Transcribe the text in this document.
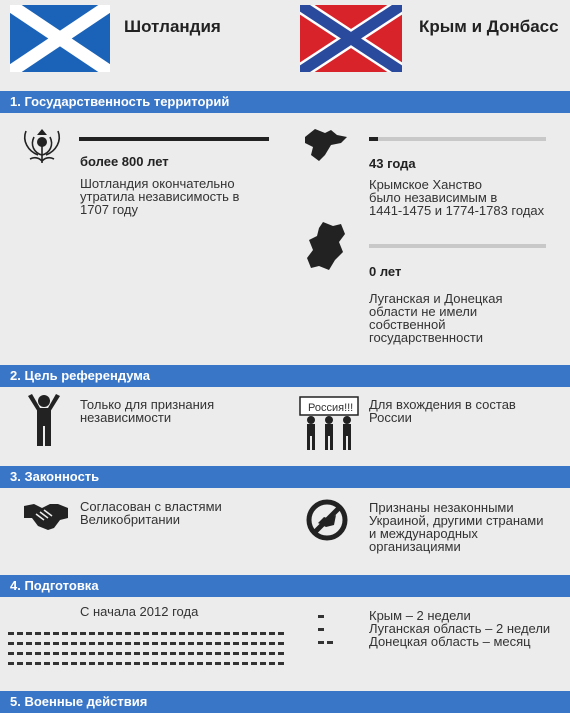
Шотландия	Крым и Донбасс
1. Государственность территорий
более 800 лет
Шотландия окончательно
утратила независимость в
1707 году
43 года
Крымское Ханство
было независимым в
1441-1475 и 1774-1783 годах
0 лет
Луганская и Донецкая
области не имели
собственной
государственности
2. Цель референдума
Только для признания
независимости
Россия!!! Для вхождения в состав
России
3. Законность
Согласован с властями
Великобритании
Признаны незаконными
Украиной, другими странами
и международных
организациями
4. Подготовка
С начала 2012 года	Крым – 2 недели
Луганская область – 2 недели
Донецкая область – месяц
5. Военные действия
